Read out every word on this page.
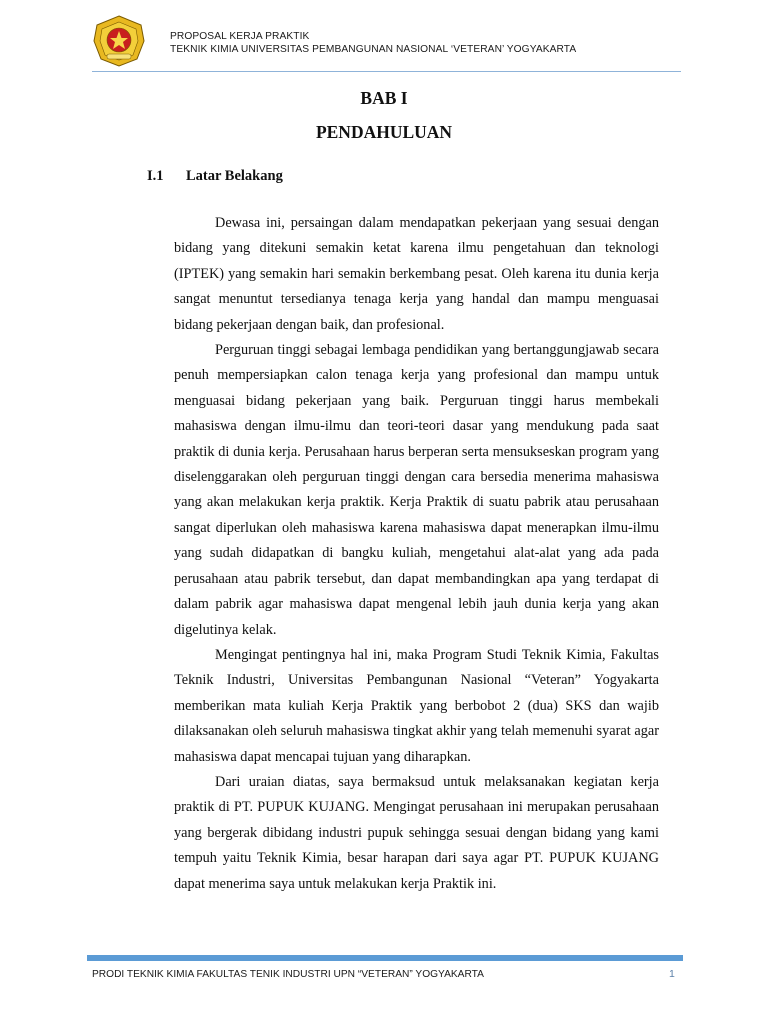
PROPOSAL KERJA PRAKTIK
TEKNIK KIMIA UNIVERSITAS PEMBANGUNAN NASIONAL ‘VETERAN’ YOGYAKARTA
BAB I
PENDAHULUAN
I.1 Latar Belakang

Dewasa ini, persaingan dalam mendapatkan pekerjaan yang sesuai dengan bidang yang ditekuni semakin ketat karena ilmu pengetahuan dan teknologi (IPTEK) yang semakin hari semakin berkembang pesat. Oleh karena itu dunia kerja sangat menuntut tersedianya tenaga kerja yang handal dan mampu menguasai bidang pekerjaan dengan baik, dan profesional.

Perguruan tinggi sebagai lembaga pendidikan yang bertanggungjawab secara penuh mempersiapkan calon tenaga kerja yang profesional dan mampu untuk menguasai bidang pekerjaan yang baik. Perguruan tinggi harus membekali mahasiswa dengan ilmu-ilmu dan teori-teori dasar yang mendukung pada saat praktik di dunia kerja. Perusahaan harus berperan serta mensukseskan program yang diselenggarakan oleh perguruan tinggi dengan cara bersedia menerima mahasiswa yang akan melakukan kerja praktik. Kerja Praktik di suatu pabrik atau perusahaan sangat diperlukan oleh mahasiswa karena mahasiswa dapat menerapkan ilmu-ilmu yang sudah didapatkan di bangku kuliah, mengetahui alat-alat yang ada pada perusahaan atau pabrik tersebut, dan dapat membandingkan apa yang terdapat di dalam pabrik agar mahasiswa dapat mengenal lebih jauh dunia kerja yang akan digelutinya kelak.

Mengingat pentingnya hal ini, maka Program Studi Teknik Kimia, Fakultas Teknik Industri, Universitas Pembangunan Nasional “Veteran” Yogyakarta memberikan mata kuliah Kerja Praktik yang berbobot 2 (dua) SKS dan wajib dilaksanakan oleh seluruh mahasiswa tingkat akhir yang telah memenuhi syarat agar mahasiswa dapat mencapai tujuan yang diharapkan.

Dari uraian diatas, saya bermaksud untuk melaksanakan kegiatan kerja praktik di PT. PUPUK KUJANG. Mengingat perusahaan ini merupakan perusahaan yang bergerak dibidang industri pupuk sehingga sesuai dengan bidang yang kami tempuh yaitu Teknik Kimia, besar harapan dari saya agar PT. PUPUK KUJANG dapat menerima saya untuk melakukan kerja Praktik ini.

PRODI TEKNIK KIMIA FAKULTAS TENIK INDUSTRI UPN “VETERAN” YOGYAKARTA	1
